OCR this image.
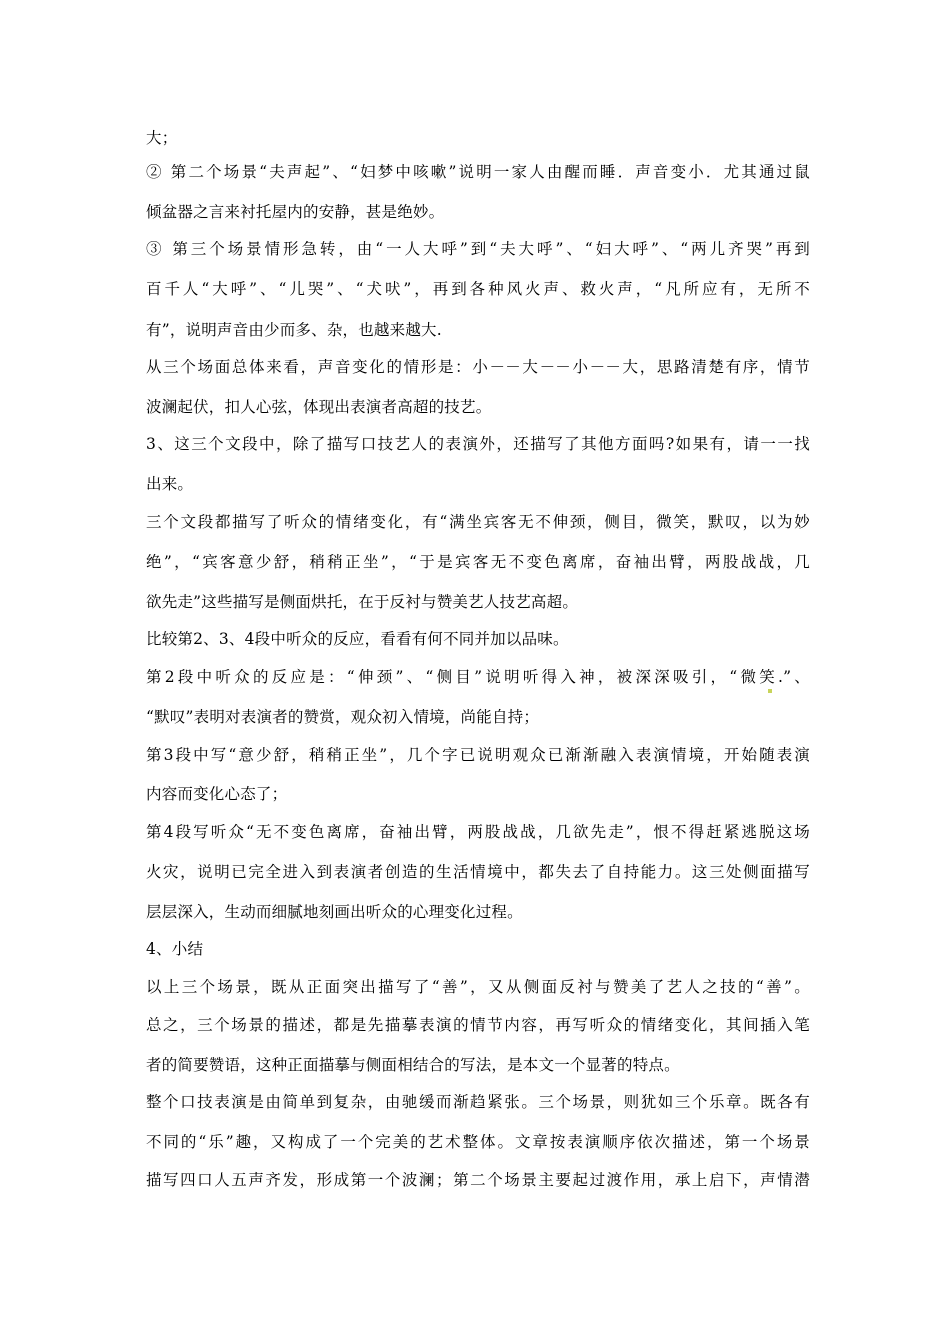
大；
② 第二个场景“夫声起”、“妇梦中咳嗽”说明一家人由醒而睡．声音变小．尤其通过鼠
倾盆器之言来衬托屋内的安静，甚是绝妙。
③ 第三个场景情形急转，由“一人大呼”到“夫大呼”、“妇大呼”、“两儿齐哭”再到
百千人“大呼”、“儿哭”、“犬吠”，再到各种风火声、救火声，“凡所应有，无所不
有”，说明声音由少而多、杂，也越来越大.
从三个场面总体来看，声音变化的情形是：小－－大－－小－－大，思路清楚有序，情节
波澜起伏，扣人心弦，体现出表演者高超的技艺。
3、这三个文段中，除了描写口技艺人的表演外，还描写了其他方面吗?如果有，请一一找
出来。
三个文段都描写了听众的情绪变化，有“满坐宾客无不伸颈，侧目，微笑，默叹，以为妙
绝”，“宾客意少舒，稍稍正坐”，“于是宾客无不变色离席，奋袖出臂，两股战战，几
欲先走”这些描写是侧面烘托，在于反衬与赞美艺人技艺高超。
比较第2、3、4段中听众的反应，看看有何不同并加以品味。
第2段中听众的反应是：“伸颈”、“侧目”说明听得入神，被深深吸引，“微笑.”、
“默叹”表明对表演者的赞赏，观众初入情境，尚能自持；
第3段中写“意少舒，稍稍正坐”，几个字已说明观众已渐渐融入表演情境，开始随表演
内容而变化心态了；
第4段写听众“无不变色离席，奋袖出臂，两股战战，几欲先走”，恨不得赶紧逃脱这场
火灾，说明已完全进入到表演者创造的生活情境中，都失去了自持能力。这三处侧面描写
层层深入，生动而细腻地刻画出听众的心理变化过程。
4、小结
以上三个场景，既从正面突出描写了“善”，又从侧面反衬与赞美了艺人之技的“善”。
总之，三个场景的描述，都是先描摹表演的情节内容，再写听众的情绪变化，其间插入笔
者的简要赞语，这种正面描摹与侧面相结合的写法，是本文一个显著的特点。
整个口技表演是由简单到复杂，由驰缓而渐趋紧张。三个场景，则犹如三个乐章。既各有
不同的“乐”趣，又构成了一个完美的艺术整体。文章按表演顺序依次描述，第一个场景
描写四口人五声齐发，形成第一个波澜；第二个场景主要起过渡作用，承上启下，声情潜
